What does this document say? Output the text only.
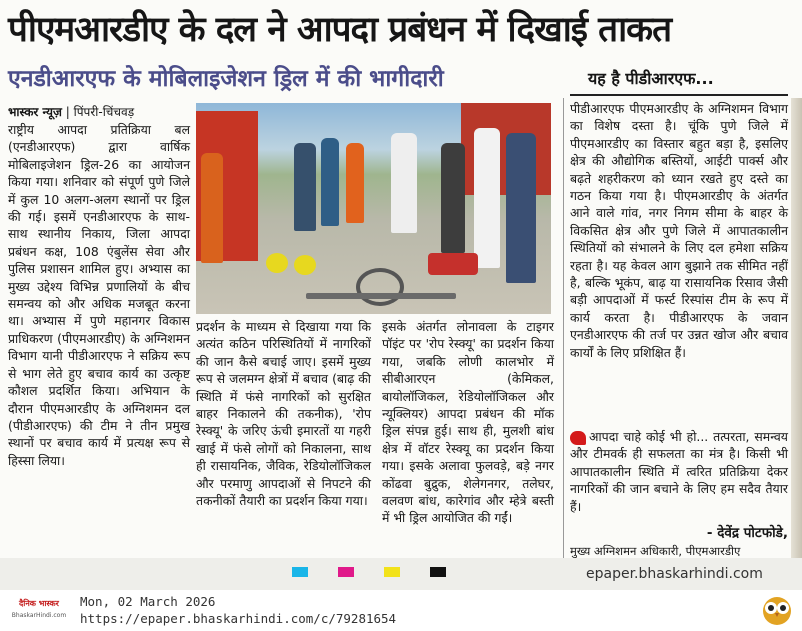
पीएमआरडीए के दल ने आपदा प्रबंधन में दिखाई ताकत
एनडीआरएफ के मोबिलाइजेशन ड्रिल में की भागीदारी	यह है पीडीआरएफ...
भास्कर न्यूज़ | पिंपरी-चिंचवड़

राष्ट्रीय आपदा प्रतिक्रिया बल (एनडीआरएफ) द्वारा वार्षिक मोबिलाइजेशन ड्रिल-26 का आयोजन किया गया। शनिवार को संपूर्ण पुणे जिले में कुल 10 अलग-अलग स्थानों पर ड्रिल की गई। इसमें एनडीआरएफ के साथ-साथ स्थानीय निकाय, जिला आपदा प्रबंधन कक्ष, 108 एंबुलेंस सेवा और पुलिस प्रशासन शामिल हुए। अभ्यास का मुख्य उद्देश्य विभिन्न प्रणालियों के बीच समन्वय को और अधिक मजबूत करना था। अभ्यास में पुणे महानगर विकास प्राधिकरण (पीएमआरडीए) के अग्निशमन विभाग यानी पीडीआरएफ ने सक्रिय रूप से भाग लेते हुए बचाव कार्य का उत्कृष्ट कौशल प्रदर्शित किया। अभियान के दौरान पीएमआरडीए के अग्निशमन दल (पीडीआरएफ) की टीम ने तीन प्रमुख स्थानों पर बचाव कार्य में प्रत्यक्ष रूप से हिस्सा लिया।

प्रदर्शन के माध्यम से दिखाया गया कि अत्यंत कठिन परिस्थितियों में नागरिकों की जान कैसे बचाई जाए। इसमें मुख्य रूप से जलमग्न क्षेत्रों में बचाव (बाढ़ की स्थिति में फंसे नागरिकों को सुरक्षित बाहर निकालने की तकनीक), 'रोप रेस्क्यू' के जरिए ऊंची इमारतों या गहरी खाई में फंसे लोगों को निकालना, साथ ही रासायनिक, जैविक, रेडियोलॉजिकल और परमाणु आपदाओं से निपटने की तकनीकों तैयारी का प्रदर्शन किया गया।

इसके अंतर्गत लोनावला के टाइगर पॉइंट पर 'रोप रेस्क्यू' का प्रदर्शन किया गया, जबकि लोणी कालभोर में सीबीआरएन (केमिकल, बायोलॉजिकल, रेडियोलॉजिकल और न्यूक्लियर) आपदा प्रबंधन की मॉक ड्रिल संपन्न हुई। साथ ही, मुलशी बांध क्षेत्र में वॉटर रेस्क्यू का प्रदर्शन किया गया। इसके अलावा फुलवड़े, बड़े नगर कोंढवा बुद्रुक, शेलेगनगर, तलेघर, वलवण बांध, कारेगांव और म्हेत्रे बस्ती में भी ड्रिल आयोजित की गईं।

पीडीआरएफ पीएमआरडीए के अग्निशमन विभाग का विशेष दस्ता है। चूंकि पुणे जिले में पीएमआरडीए का विस्तार बहुत बड़ा है, इसलिए क्षेत्र की औद्योगिक बस्तियों, आईटी पार्क्स और बढ़ते शहरीकरण को ध्यान रखते हुए दस्ते का गठन किया गया है। पीएमआरडीए के अंतर्गत आने वाले गांव, नगर निगम सीमा के बाहर के विकसित क्षेत्र और पुणे जिले में आपातकालीन स्थितियों को संभालने के लिए दल हमेशा सक्रिय रहता है। यह केवल आग बुझाने तक सीमित नहीं है, बल्कि भूकंप, बाढ़ या रासायनिक रिसाव जैसी बड़ी आपदाओं में फर्स्ट रिस्पांस टीम के रूप में कार्य करता है। पीडीआरएफ के जवान एनडीआरएफ की तर्ज पर उन्नत खोज और बचाव कार्यों के लिए प्रशिक्षित हैं।

आपदा चाहे कोई भी हो... तत्परता, समन्वय और टीमवर्क ही सफलता का मंत्र है। किसी भी आपातकालीन स्थिति में त्वरित प्रतिक्रिया देकर नागरिकों की जान बचाने के लिए हम सदैव तैयार हैं।
- देवेंद्र पोटफोडे,
मुख्य अग्निशमन अधिकारी, पीएमआरडीए
epaper.bhaskarhindi.com
दैनिक भास्कर
BhaskarHindi.com
Mon, 02 March 2026
https://epaper.bhaskarhindi.com/c/79281654
